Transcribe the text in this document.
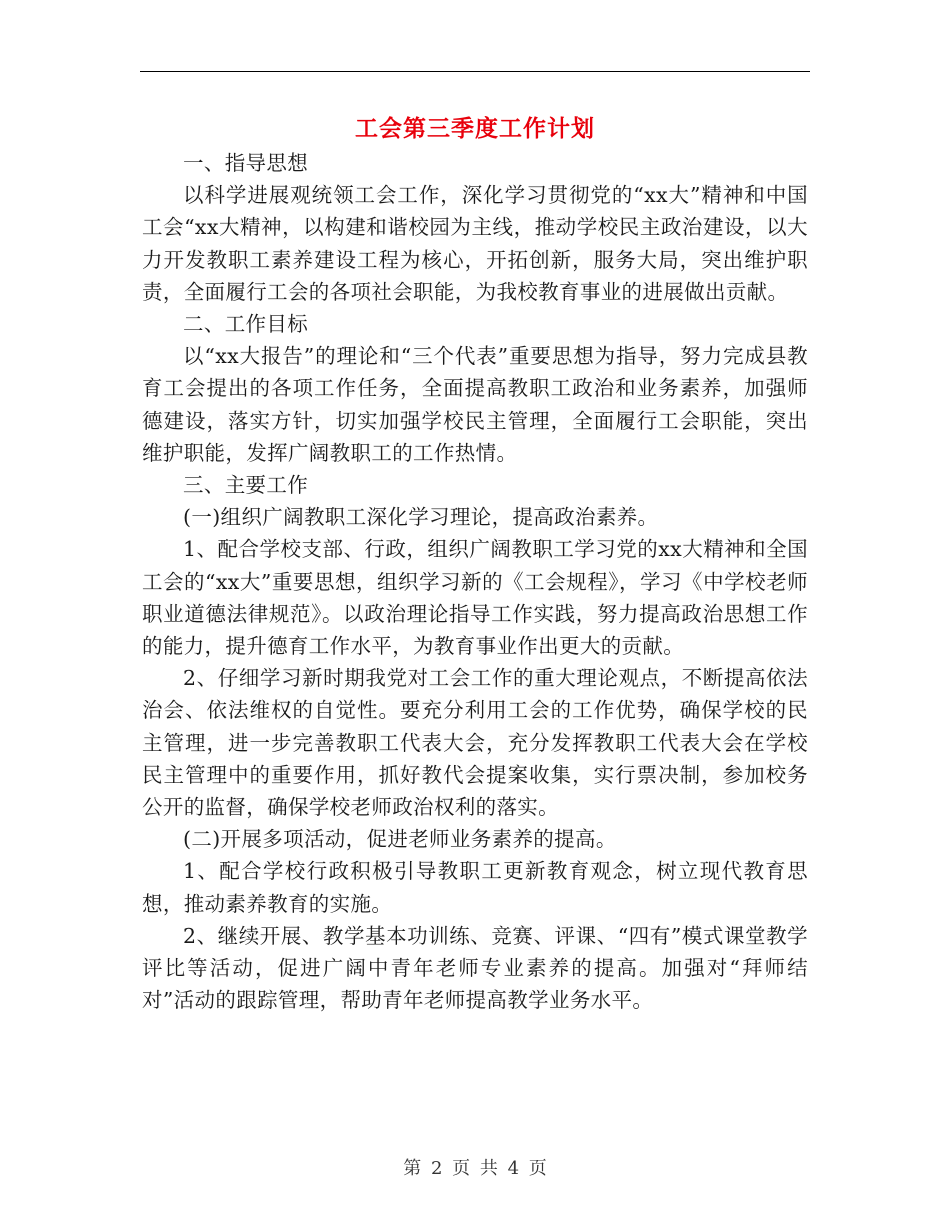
工会第三季度工作计划

一、指导思想

以科学进展观统领工会工作，深化学习贯彻党的“xx大”精神和中国工会“xx大精神，以构建和谐校园为主线，推动学校民主政治建设，以大力开发教职工素养建设工程为核心，开拓创新，服务大局，突出维护职责，全面履行工会的各项社会职能，为我校教育事业的进展做出贡献。

二、工作目标

以“xx大报告”的理论和“三个代表”重要思想为指导，努力完成县教育工会提出的各项工作任务，全面提高教职工政治和业务素养，加强师德建设，落实方针，切实加强学校民主管理，全面履行工会职能，突出维护职能，发挥广阔教职工的工作热情。

三、主要工作

(一)组织广阔教职工深化学习理论，提高政治素养。

1、配合学校支部、行政，组织广阔教职工学习党的xx大精神和全国工会的“xx大”重要思想，组织学习新的《工会规程》，学习《中学校老师职业道德法律规范》。以政治理论指导工作实践，努力提高政治思想工作的能力，提升德育工作水平，为教育事业作出更大的贡献。

2、仔细学习新时期我党对工会工作的重大理论观点，不断提高依法治会、依法维权的自觉性。要充分利用工会的工作优势，确保学校的民主管理，进一步完善教职工代表大会，充分发挥教职工代表大会在学校民主管理中的重要作用，抓好教代会提案收集，实行票决制，参加校务公开的监督，确保学校老师政治权利的落实。

(二)开展多项活动，促进老师业务素养的提高。

1、配合学校行政积极引导教职工更新教育观念，树立现代教育思想，推动素养教育的实施。

2、继续开展、教学基本功训练、竞赛、评课、“四有”模式课堂教学评比等活动，促进广阔中青年老师专业素养的提高。加强对“拜师结对”活动的跟踪管理，帮助青年老师提高教学业务水平。

第 2 页 共 4 页
